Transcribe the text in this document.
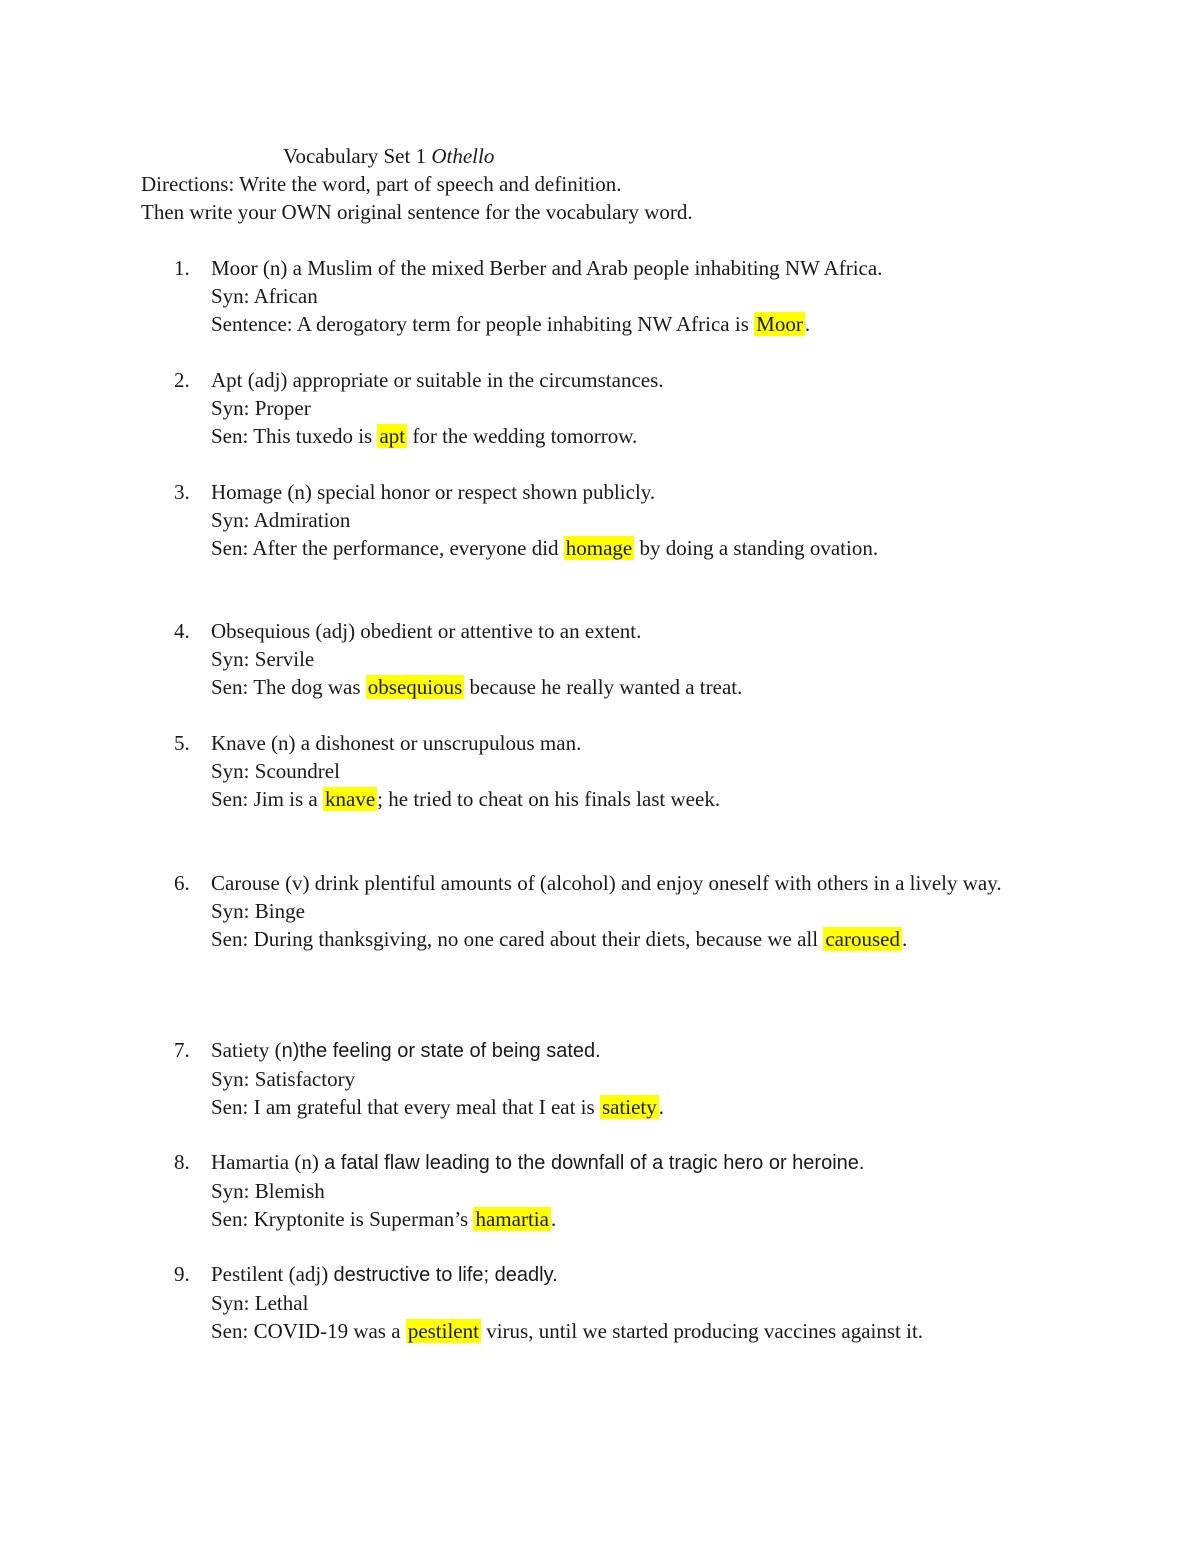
Vocabulary Set 1 Othello
Directions: Write the word, part of speech and definition.
Then write your OWN original sentence for the vocabulary word.
1. Moor (n) a Muslim of the mixed Berber and Arab people inhabiting NW Africa.
Syn: African
Sentence: A derogatory term for people inhabiting NW Africa is Moor.
2. Apt (adj) appropriate or suitable in the circumstances.
Syn: Proper
Sen: This tuxedo is apt for the wedding tomorrow.
3. Homage (n) special honor or respect shown publicly.
Syn: Admiration
Sen: After the performance, everyone did homage by doing a standing ovation.
4. Obsequious (adj) obedient or attentive to an extent.
Syn: Servile
Sen: The dog was obsequious because he really wanted a treat.
5. Knave (n) a dishonest or unscrupulous man.
Syn: Scoundrel
Sen: Jim is a knave; he tried to cheat on his finals last week.
6. Carouse (v) drink plentiful amounts of (alcohol) and enjoy oneself with others in a lively way.
Syn: Binge
Sen: During thanksgiving, no one cared about their diets, because we all caroused.
7. Satiety (n)the feeling or state of being sated.
Syn: Satisfactory
Sen: I am grateful that every meal that I eat is satiety.
8. Hamartia (n) a fatal flaw leading to the downfall of a tragic hero or heroine.
Syn: Blemish
Sen: Kryptonite is Superman’s hamartia.
9. Pestilent (adj) destructive to life; deadly.
Syn: Lethal
Sen: COVID-19 was a pestilent virus, until we started producing vaccines against it.
